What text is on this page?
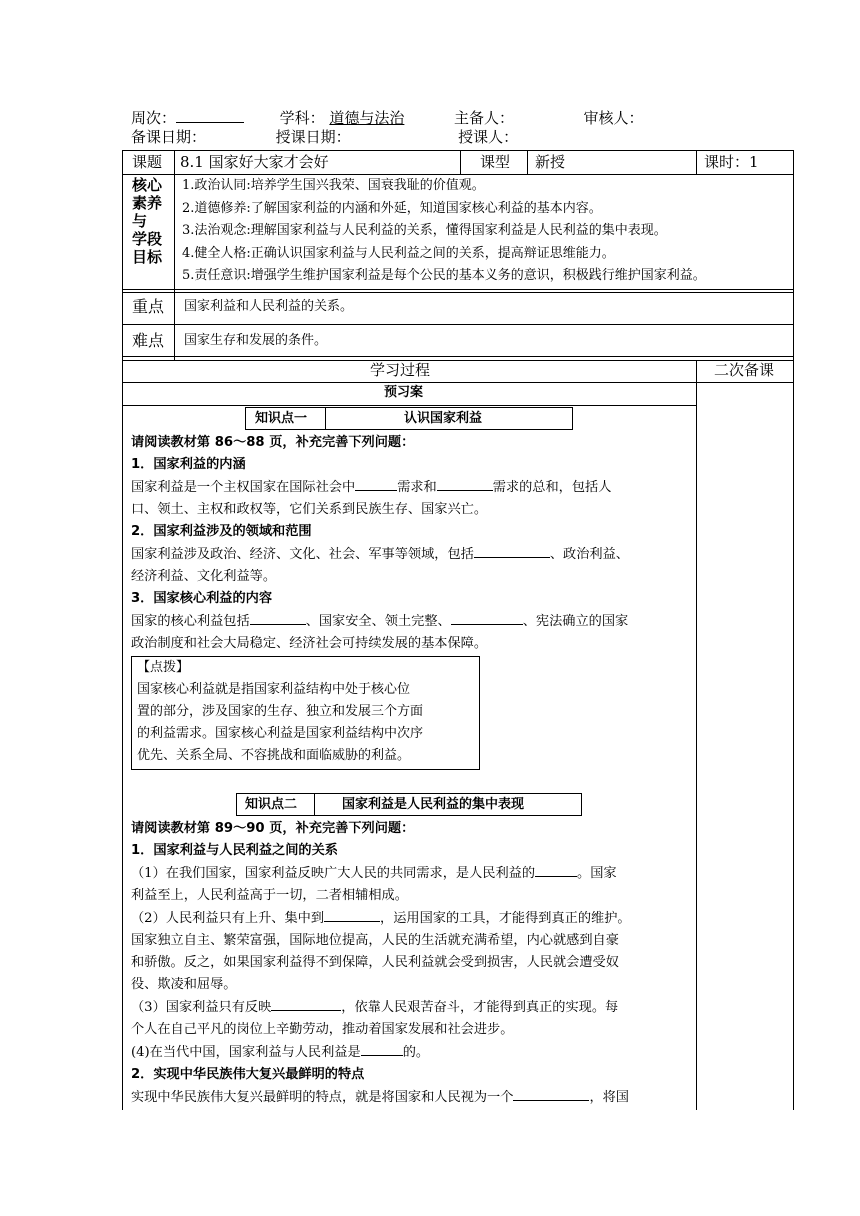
周次：	学科： 道德与法治	主备人：	审核人：
备课日期：	授课日期：	授课人：
课题 8.1 国家好大家才会好	课型 新授	课时：1
核心
素养
与
学段
目标
1.政治认同:培养学生国兴我荣、国衰我耻的价值观。
2.道德修养:了解国家利益的内涵和外延，知道国家核心利益的基本内容。
3.法治观念:理解国家利益与人民利益的关系，懂得国家利益是人民利益的集中表现。
4.健全人格:正确认识国家利益与人民利益之间的关系，提高辩证思维能力。
5.责任意识:增强学生维护国家利益是每个公民的基本义务的意识，积极践行维护国家利益。
重点 国家利益和人民利益的关系。
难点 国家生存和发展的条件。
学习过程	二次备课
预习案
知识点一	认识国家利益

请阅读教材第 86～88 页，补充完善下列问题：

1．国家利益的内涵

国家利益是一个主权国家在国际社会中	需求和	需求的总和，包括人

口、领土、主权和政权等，它们关系到民族生存、国家兴亡。

2．国家利益涉及的领域和范围

国家利益涉及政治、经济、文化、社会、军事等领域，包括	、政治利益、

经济利益、文化利益等。

3．国家核心利益的内容

国家的核心利益包括	、国家安全、领土完整、	、宪法确立的国家

政治制度和社会大局稳定、经济社会可持续发展的基本保障。

【点拨】
国家核心利益就是指国家利益结构中处于核心位
置的部分，涉及国家的生存、独立和发展三个方面
的利益需求。国家核心利益是国家利益结构中次序
优先、关系全局、不容挑战和面临威胁的利益。
知识点二	国家利益是人民利益的集中表现

请阅读教材第 89～90 页，补充完善下列问题：

1．国家利益与人民利益之间的关系

（1）在我们国家，国家利益反映广大人民的共同需求，是人民利益的	。国家

利益至上，人民利益高于一切，二者相辅相成。

（2）人民利益只有上升、集中到	，运用国家的工具，才能得到真正的维护。

国家独立自主、繁荣富强，国际地位提高，人民的生活就充满希望，内心就感到自豪

和骄傲。反之，如果国家利益得不到保障，人民利益就会受到损害，人民就会遭受奴

役、欺凌和屈辱。

（3）国家利益只有反映	，依靠人民艰苦奋斗，才能得到真正的实现。每

个人在自己平凡的岗位上辛勤劳动，推动着国家发展和社会进步。

(4)在当代中国，国家利益与人民利益是	的。

2．实现中华民族伟大复兴最鲜明的特点

实现中华民族伟大复兴最鲜明的特点，就是将国家和人民视为一个	，将国
